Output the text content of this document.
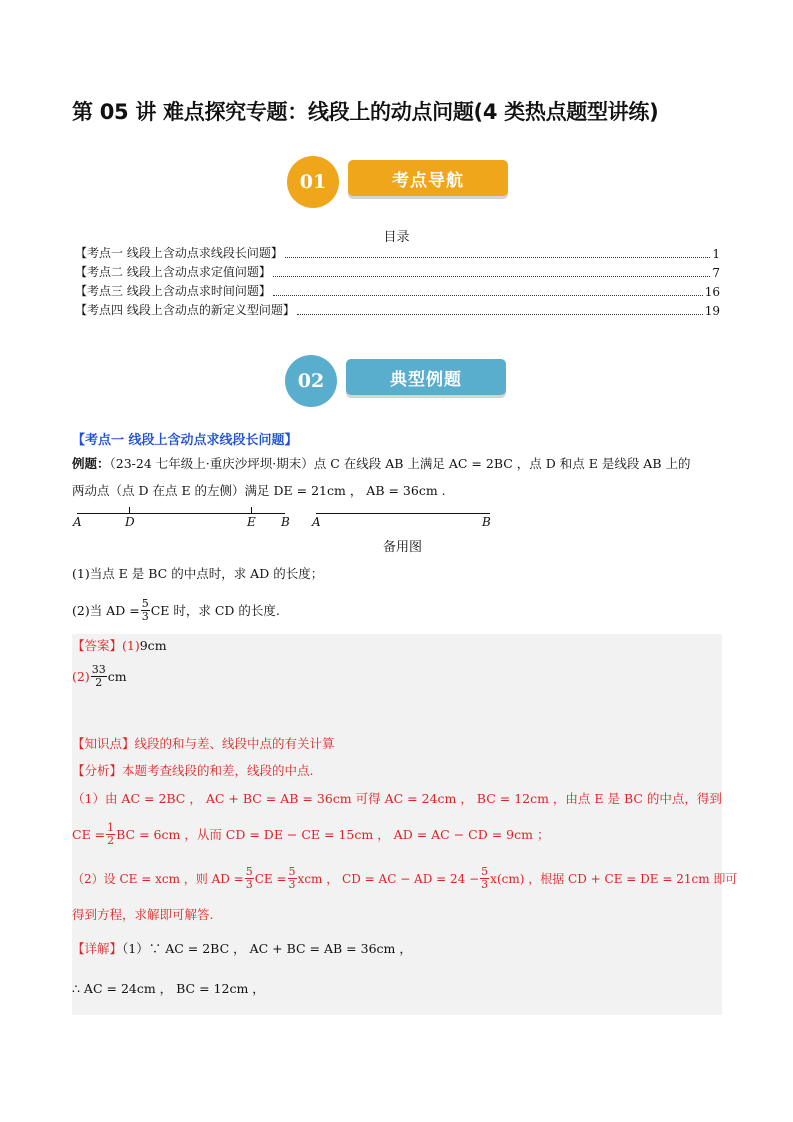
第 05 讲 难点探究专题：线段上的动点问题(4 类热点题型讲练)
01	考点导航
目录
【考点一 线段上含动点求线段长问题】	1
【考点二 线段上含动点求定值问题】	7
【考点三 线段上含动点求时间问题】	16
【考点四 线段上含动点的新定义型问题】	19
02	典型例题
【考点一 线段上含动点求线段长问题】
例题：（23-24 七年级上·重庆沙坪坝·期末）点 C 在线段 AB 上满足 AC = 2BC ，点 D 和点 E 是线段 AB 上的
两动点（点 D 在点 E 的左侧）满足 DE = 21cm ， AB = 36cm .
A	D	E B A	B
备用图
(1)当点 E 是 BC 的中点时，求 AD 的长度；
(2)当 AD = $\frac{5}{3}$ CE 时，求 CD 的长度.
【答案】(1)9cm
$(2) \frac{33}{2}$ cm
【知识点】线段的和与差、线段中点的有关计算
【分析】本题考查线段的和差，线段的中点.
（1）由 AC = 2BC ， AC + BC = AB = 36cm 可得 AC = 24cm ， BC = 12cm ，由点 E 是 BC 的中点，得到
CE = $\frac{1}{2}$ BC = 6cm ，从而 CD = DE − CE = 15cm ， AD = AC − CD = 9cm ；
（2）设 CE = xcm ，则 AD = $\frac{5}{3}$ CE = $\frac{5}{3}$ xcm ， CD = AC − AD = $24 - \frac{5}{3} x(cm)$ ，根据 CD + CE = DE = 21cm 即可
得到方程，求解即可解答.
【详解】（1）∵ AC = 2BC ， AC + BC = AB = 36cm ，
∴ AC = 24cm ， BC = 12cm ，
